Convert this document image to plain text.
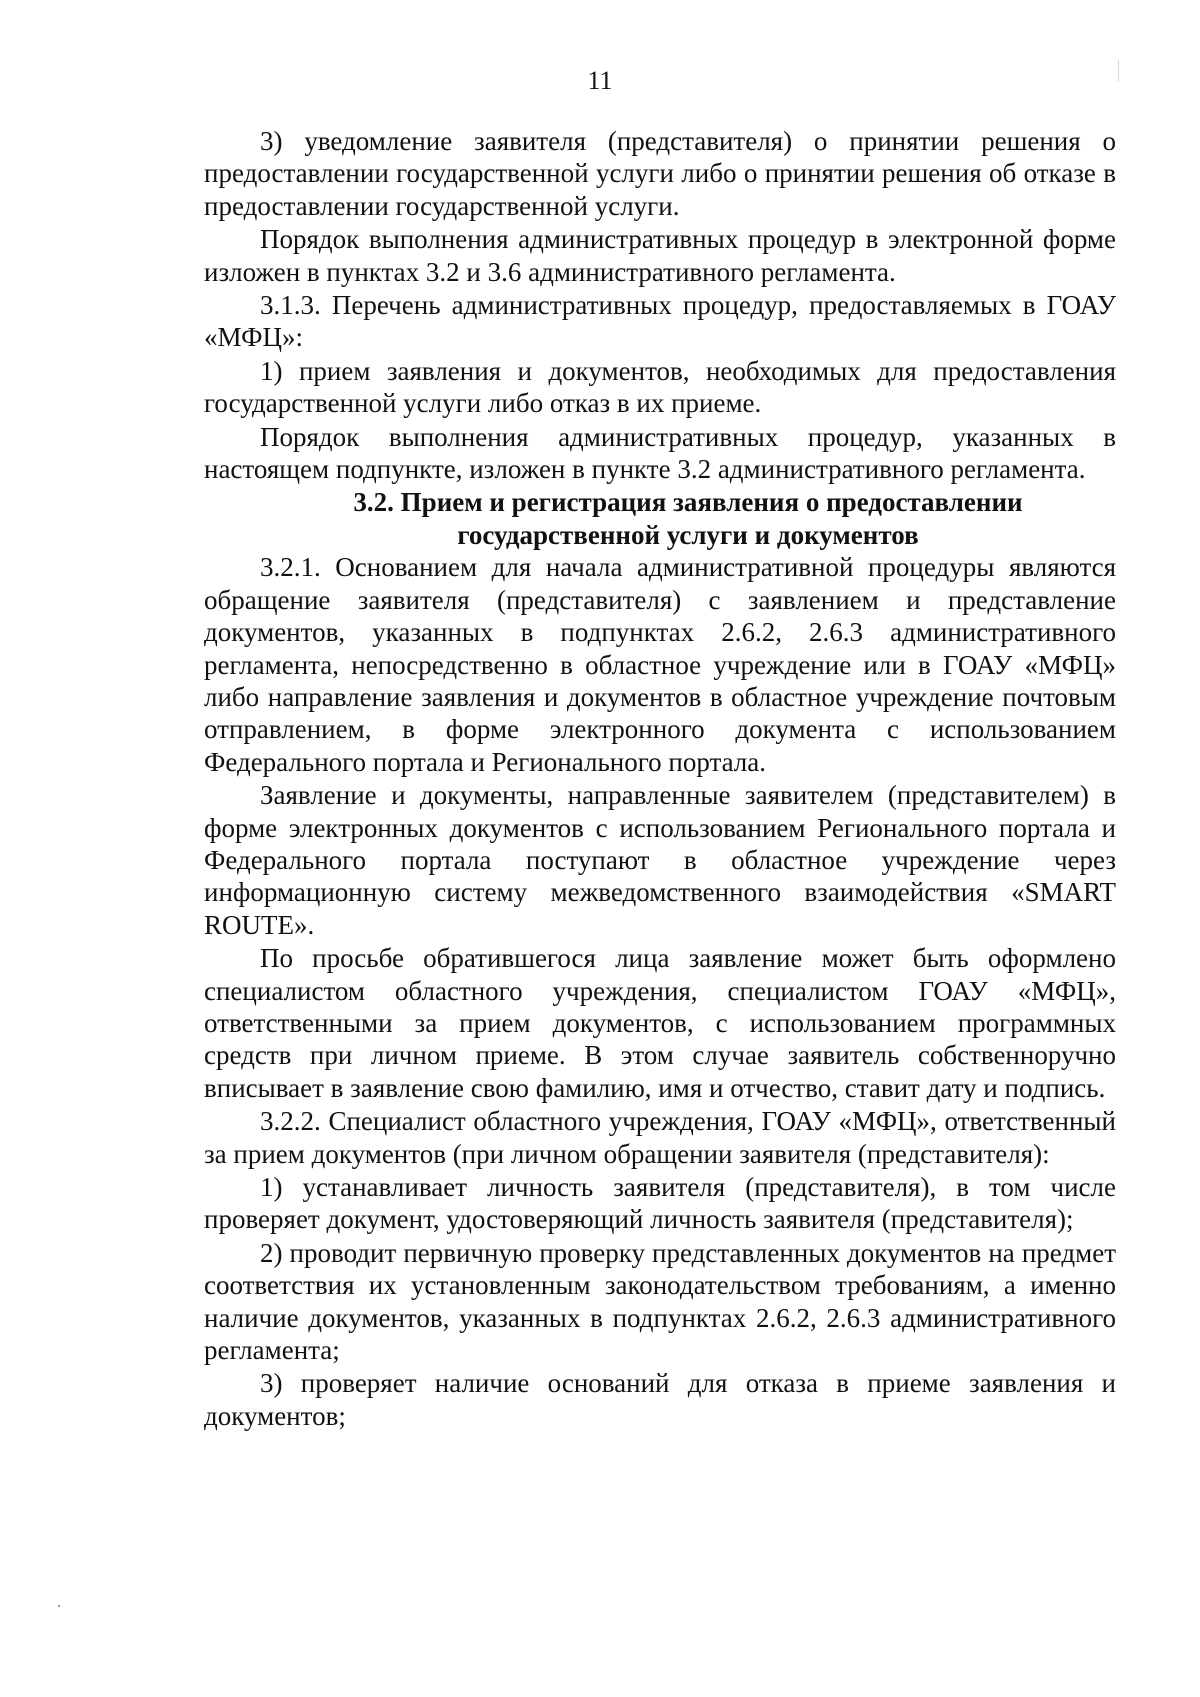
11

3) уведомление заявителя (представителя) о принятии решения о предоставлении государственной услуги либо о принятии решения об отказе в предоставлении государственной услуги.

Порядок выполнения административных процедур в электронной форме изложен в пунктах 3.2 и 3.6 административного регламента.

3.1.3. Перечень административных процедур, предоставляемых в ГОАУ «МФЦ»:

1) прием заявления и документов, необходимых для предоставления государственной услуги либо отказ в их приеме.

Порядок выполнения административных процедур, указанных в настоящем подпункте, изложен в пункте 3.2 административного регламента.

3.2. Прием и регистрация заявления о предоставлении
государственной услуги и документов

3.2.1. Основанием для начала административной процедуры являются обращение заявителя (представителя) с заявлением и представление документов, указанных в подпунктах 2.6.2, 2.6.3 административного регламента, непосредственно в областное учреждение или в ГОАУ «МФЦ» либо направление заявления и документов в областное учреждение почтовым отправлением, в форме электронного документа с использованием Федерального портала и Регионального портала.

Заявление и документы, направленные заявителем (представителем) в форме электронных документов с использованием Регионального портала и Федерального портала поступают в областное учреждение через информационную систему межведомственного взаимодействия «SMART ROUTE».

По просьбе обратившегося лица заявление может быть оформлено специалистом областного учреждения, специалистом ГОАУ «МФЦ», ответственными за прием документов, с использованием программных средств при личном приеме. В этом случае заявитель собственноручно вписывает в заявление свою фамилию, имя и отчество, ставит дату и подпись.

3.2.2. Специалист областного учреждения, ГОАУ «МФЦ», ответственный за прием документов (при личном обращении заявителя (представителя):

1) устанавливает личность заявителя (представителя), в том числе проверяет документ, удостоверяющий личность заявителя (представителя);

2) проводит первичную проверку представленных документов на предмет соответствия их установленным законодательством требованиям, а именно наличие документов, указанных в подпунктах 2.6.2, 2.6.3 административного регламента;

3) проверяет наличие оснований для отказа в приеме заявления и документов;
